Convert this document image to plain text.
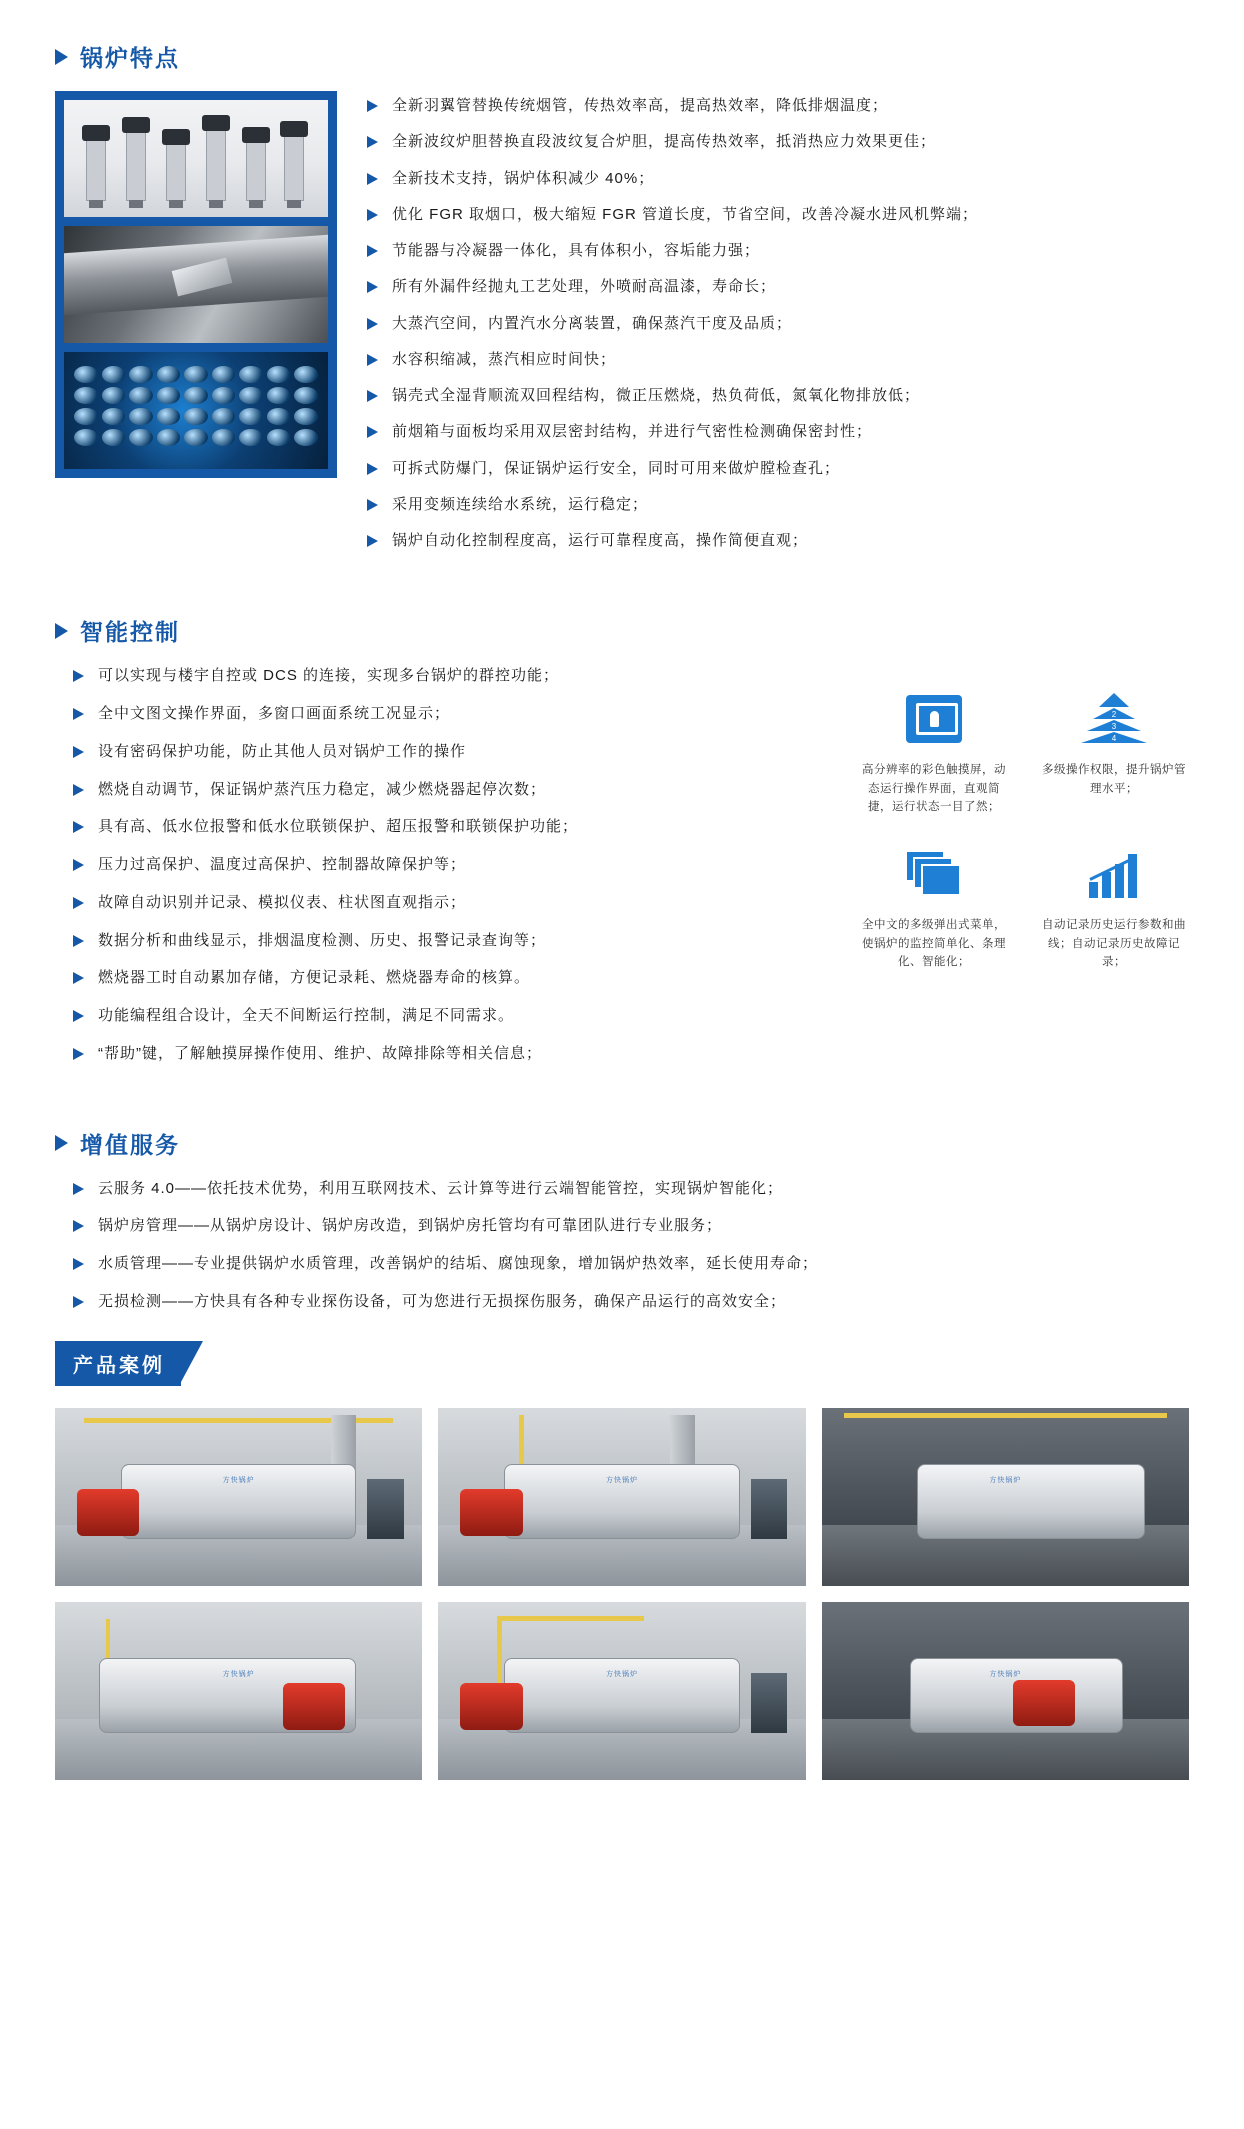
锅炉特点
全新羽翼管替换传统烟管，传热效率高，提高热效率，降低排烟温度；
全新波纹炉胆替换直段波纹复合炉胆，提高传热效率，抵消热应力效果更佳；
全新技术支持，锅炉体积减少 40%；
优化 FGR 取烟口，极大缩短 FGR 管道长度，节省空间，改善冷凝水进风机弊端；
节能器与冷凝器一体化，具有体积小，容垢能力强；
所有外漏件经抛丸工艺处理，外喷耐高温漆，寿命长；
大蒸汽空间，内置汽水分离装置，确保蒸汽干度及品质；
水容积缩减，蒸汽相应时间快；
锅壳式全湿背顺流双回程结构，微正压燃烧，热负荷低，氮氧化物排放低；
前烟箱与面板均采用双层密封结构，并进行气密性检测确保密封性；
可拆式防爆门，保证锅炉运行安全，同时可用来做炉膛检查孔；
采用变频连续给水系统，运行稳定；
锅炉自动化控制程度高，运行可靠程度高，操作简便直观；
智能控制
可以实现与楼宇自控或 DCS 的连接，实现多台锅炉的群控功能；
全中文图文操作界面，多窗口画面系统工况显示；
设有密码保护功能，防止其他人员对锅炉工作的操作
燃烧自动调节，保证锅炉蒸汽压力稳定，减少燃烧器起停次数；
具有高、低水位报警和低水位联锁保护、超压报警和联锁保护功能；
压力过高保护、温度过高保护、控制器故障保护等；
故障自动识别并记录、模拟仪表、柱状图直观指示；
数据分析和曲线显示，排烟温度检测、历史、报警记录查询等；
燃烧器工时自动累加存储，方便记录耗、燃烧器寿命的核算。
功能编程组合设计，全天不间断运行控制，满足不同需求。
“帮助”键，了解触摸屏操作使用、维护、故障排除等相关信息；
高分辨率的彩色触摸屏，动态运行操作界面，直观简捷，运行状态一目了然；
2
3
4
多级操作权限，提升锅炉管理水平；
全中文的多级弹出式菜单，使锅炉的监控简单化、条理化、智能化；
自动记录历史运行参数和曲线；自动记录历史故障记录；
增值服务
云服务 4.0——依托技术优势，利用互联网技术、云计算等进行云端智能管控，实现锅炉智能化；
锅炉房管理——从锅炉房设计、锅炉房改造，到锅炉房托管均有可靠团队进行专业服务；
水质管理——专业提供锅炉水质管理，改善锅炉的结垢、腐蚀现象，增加锅炉热效率，延长使用寿命；
无损检测——方快具有各种专业探伤设备，可为您进行无损探伤服务，确保产品运行的高效安全；
产品案例
方快锅炉	方快锅炉	方快锅炉
方快锅炉	方快锅炉	方快锅炉
